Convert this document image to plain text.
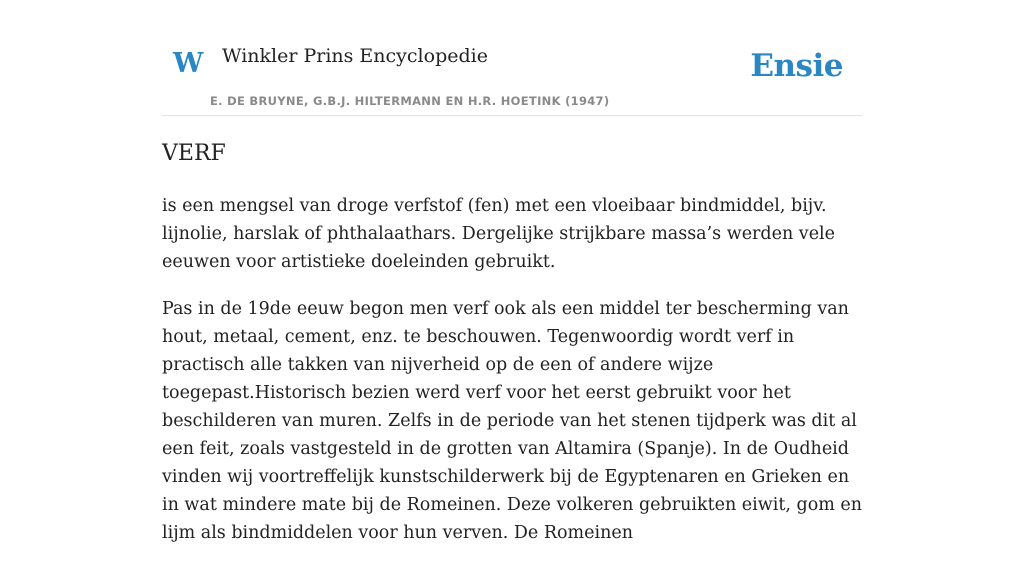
W Winkler Prins Encyclopedie
E. DE BRUYNE, G.B.J. HILTERMANN EN H.R. HOETINK (1947)
Ensie
VERF

is een mengsel van droge verfstof (fen) met een vloeibaar bindmiddel, bijv. lijnolie, harslak of phthalaathars. Dergelijke strijkbare massa’s werden vele eeuwen voor artistieke doeleinden gebruikt.

Pas in de 19de eeuw begon men verf ook als een middel ter bescherming van hout, metaal, cement, enz. te beschouwen. Tegenwoordig wordt verf in practisch alle takken van nijverheid op de een of andere wijze toegepast.Historisch bezien werd verf voor het eerst gebruikt voor het beschilderen van muren. Zelfs in de periode van het stenen tijdperk was dit al een feit, zoals vastgesteld in de grotten van Altamira (Spanje). In de Oudheid vinden wij voortreffelijk kunstschilderwerk bij de Egyptenaren en Grieken en in wat mindere mate bij de Romeinen. Deze volkeren gebruikten eiwit, gom en lijm als bindmiddelen voor hun verven. De Romeinen
